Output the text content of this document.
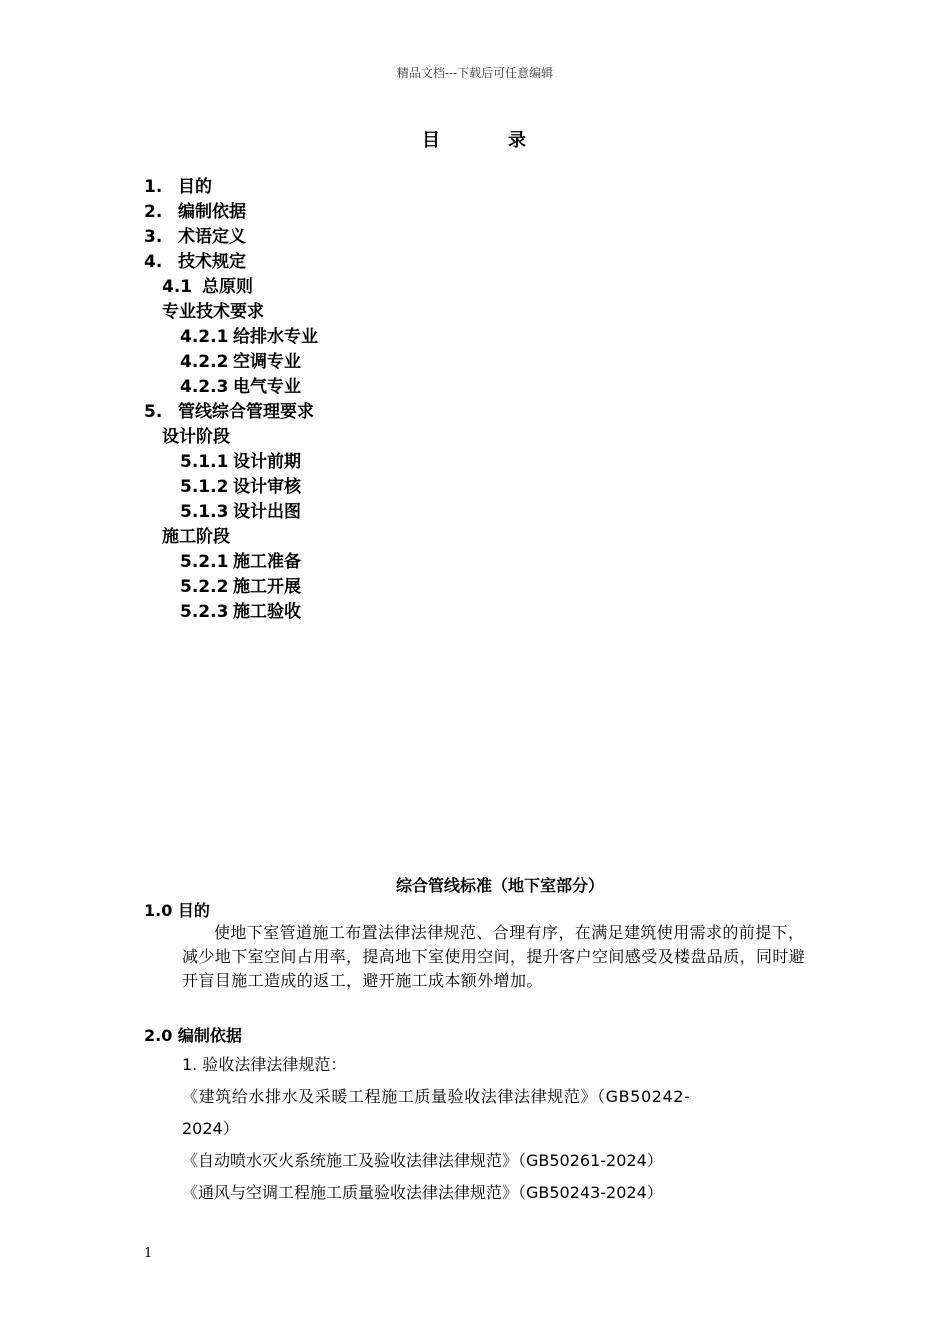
精品文档---下载后可任意编辑
目录
1. 目的
2. 编制依据
3. 术语定义
4. 技术规定
4.1 总原则
专业技术要求
4.2.1 给排水专业
4.2.2 空调专业
4.2.3 电气专业
5. 管线综合管理要求
设计阶段
5.1.1 设计前期
5.1.2 设计审核
5.1.3 设计出图
施工阶段
5.2.1 施工准备
5.2.2 施工开展
5.2.3 施工验收
综合管线标准（地下室部分）
1.0 目的
使地下室管道施工布置法律法律规范、合理有序，在满足建筑使用需求的前提下，减少地下室空间占用率，提高地下室使用空间，提升客户空间感受及楼盘品质，同时避开盲目施工造成的返工，避开施工成本额外增加。
2.0 编制依据
1. 验收法律法律规范：
《建筑给水排水及采暖工程施工质量验收法律法律规范》（GB50242-
2024）
《自动喷水灭火系统施工及验收法律法律规范》（GB50261-2024）
《通风与空调工程施工质量验收法律法律规范》（GB50243-2024）
1
